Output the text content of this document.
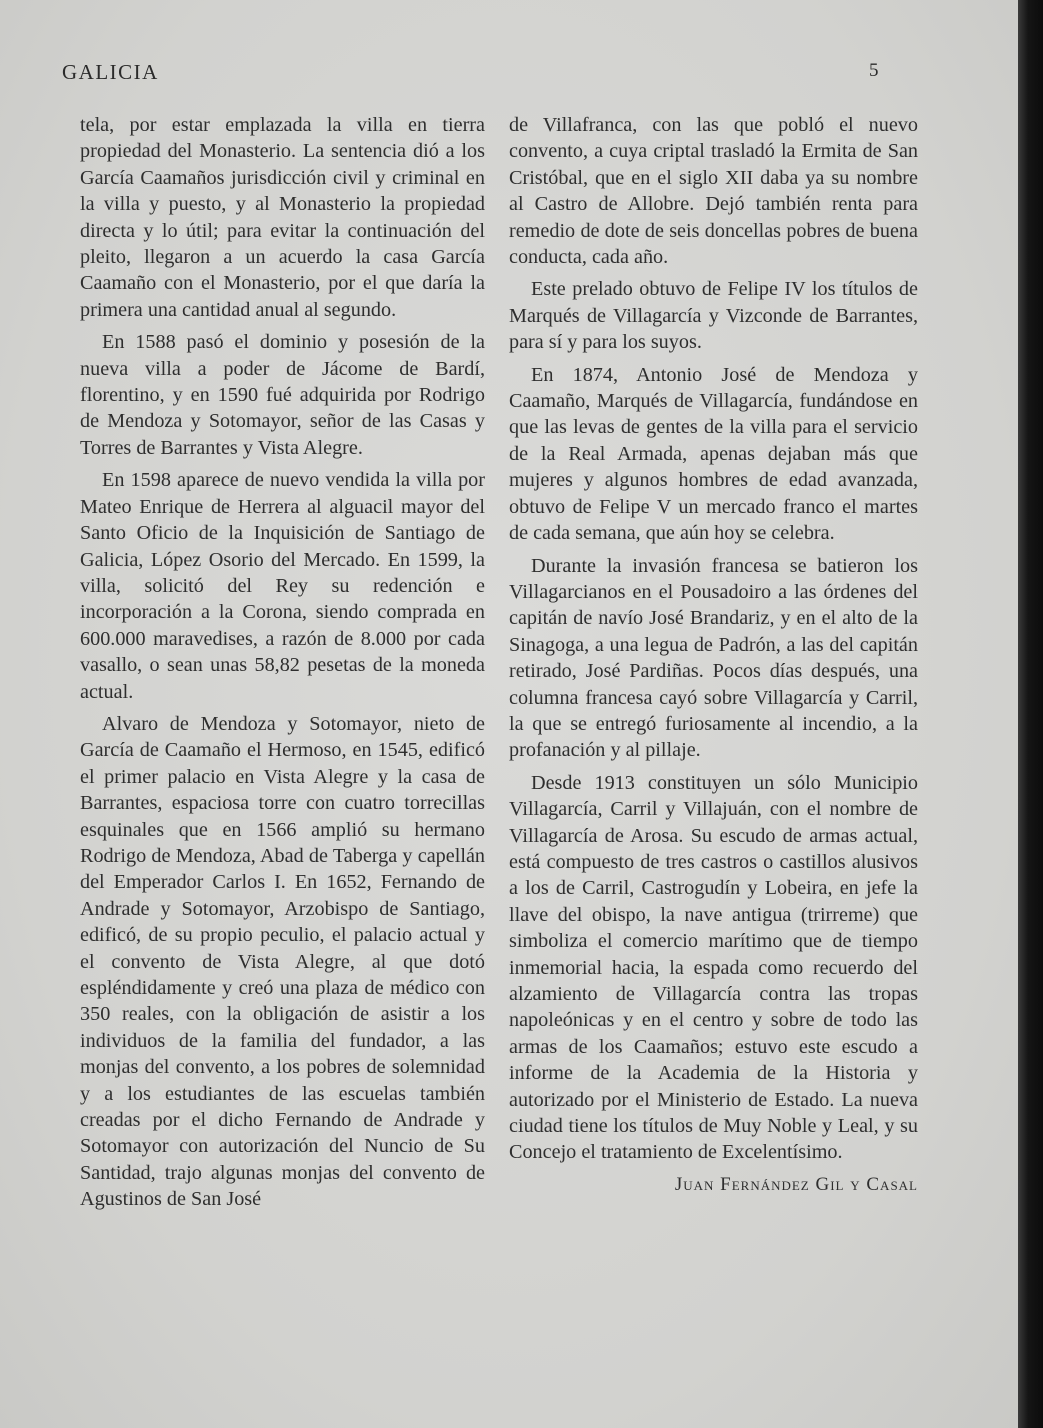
GALICIA	5

tela, por estar emplazada la villa en tierra propiedad del Monasterio. La sentencia dió a los García Caamaños jurisdicción civil y criminal en la villa y puesto, y al Monasterio la propiedad directa y lo útil; para evitar la continuación del pleito, llegaron a un acuerdo la casa García Caamaño con el Monasterio, por el que daría la primera una cantidad anual al segundo.

En 1588 pasó el dominio y posesión de la nueva villa a poder de Jácome de Bardí, florentino, y en 1590 fué adquirida por Rodrigo de Mendoza y Sotomayor, señor de las Casas y Torres de Barrantes y Vista Alegre.

En 1598 aparece de nuevo vendida la villa por Mateo Enrique de Herrera al alguacil mayor del Santo Oficio de la Inquisición de Santiago de Galicia, López Osorio del Mercado. En 1599, la villa, solicitó del Rey su redención e incorporación a la Corona, siendo comprada en 600.000 maravedises, a razón de 8.000 por cada vasallo, o sean unas 58,82 pesetas de la moneda actual.

Alvaro de Mendoza y Sotomayor, nieto de García de Caamaño el Hermoso, en 1545, edificó el primer palacio en Vista Alegre y la casa de Barrantes, espaciosa torre con cuatro torrecillas esquinales que en 1566 amplió su hermano Rodrigo de Mendoza, Abad de Taberga y capellán del Emperador Carlos I. En 1652, Fernando de Andrade y Sotomayor, Arzobispo de Santiago, edificó, de su propio peculio, el palacio actual y el convento de Vista Alegre, al que dotó espléndidamente y creó una plaza de médico con 350 reales, con la obligación de asistir a los individuos de la familia del fundador, a las monjas del convento, a los pobres de solemnidad y a los estudiantes de las escuelas también creadas por el dicho Fernando de Andrade y Sotomayor con autorización del Nuncio de Su Santidad, trajo algunas monjas del convento de Agustinos de San José

de Villafranca, con las que pobló el nuevo convento, a cuya criptal trasladó la Ermita de San Cristóbal, que en el siglo XII daba ya su nombre al Castro de Allobre. Dejó también renta para remedio de dote de seis doncellas pobres de buena conducta, cada año.

Este prelado obtuvo de Felipe IV los títulos de Marqués de Villagarcía y Vizconde de Barrantes, para sí y para los suyos.

En 1874, Antonio José de Mendoza y Caamaño, Marqués de Villagarcía, fundándose en que las levas de gentes de la villa para el servicio de la Real Armada, apenas dejaban más que mujeres y algunos hombres de edad avanzada, obtuvo de Felipe V un mercado franco el martes de cada semana, que aún hoy se celebra.

Durante la invasión francesa se batieron los Villagarcianos en el Pousadoiro a las órdenes del capitán de navío José Brandariz, y en el alto de la Sinagoga, a una legua de Padrón, a las del capitán retirado, José Pardiñas. Pocos días después, una columna francesa cayó sobre Villagarcía y Carril, la que se entregó furiosamente al incendio, a la profanación y al pillaje.

Desde 1913 constituyen un sólo Municipio Villagarcía, Carril y Villajuán, con el nombre de Villagarcía de Arosa. Su escudo de armas actual, está compuesto de tres castros o castillos alusivos a los de Carril, Castrogudín y Lobeira, en jefe la llave del obispo, la nave antigua (trirreme) que simboliza el comercio marítimo que de tiempo inmemorial hacia, la espada como recuerdo del alzamiento de Villagarcía contra las tropas napoleónicas y en el centro y sobre de todo las armas de los Caamaños; estuvo este escudo a informe de la Academia de la Historia y autorizado por el Ministerio de Estado. La nueva ciudad tiene los títulos de Muy Noble y Leal, y su Concejo el tratamiento de Excelentísimo.

Juan Fernández Gil y Casal
